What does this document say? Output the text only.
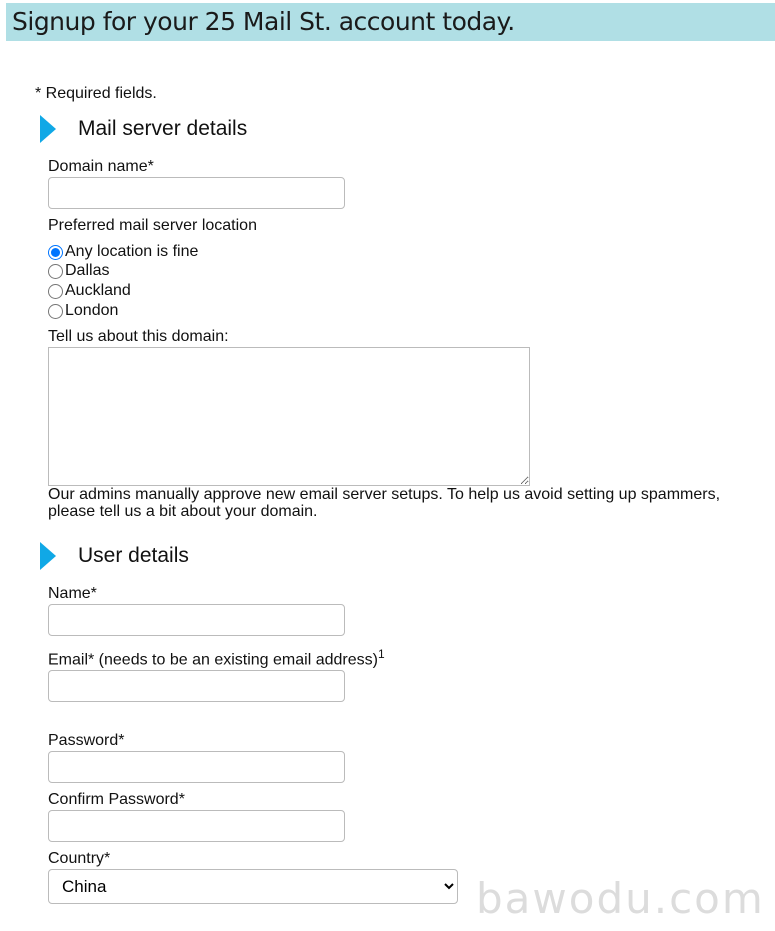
Signup for your 25 Mail St. account today.
* Required fields.
Mail server details
Domain name*
Preferred mail server location
Any location is fine
Dallas
Auckland
London
Tell us about this domain:
Our admins manually approve new email server setups. To help us avoid setting up spammers, please tell us a bit about your domain.
User details
Name*
Email* (needs to be an existing email address)$^1$
Password*
Confirm Password*
Country*
China
bawodu.com
